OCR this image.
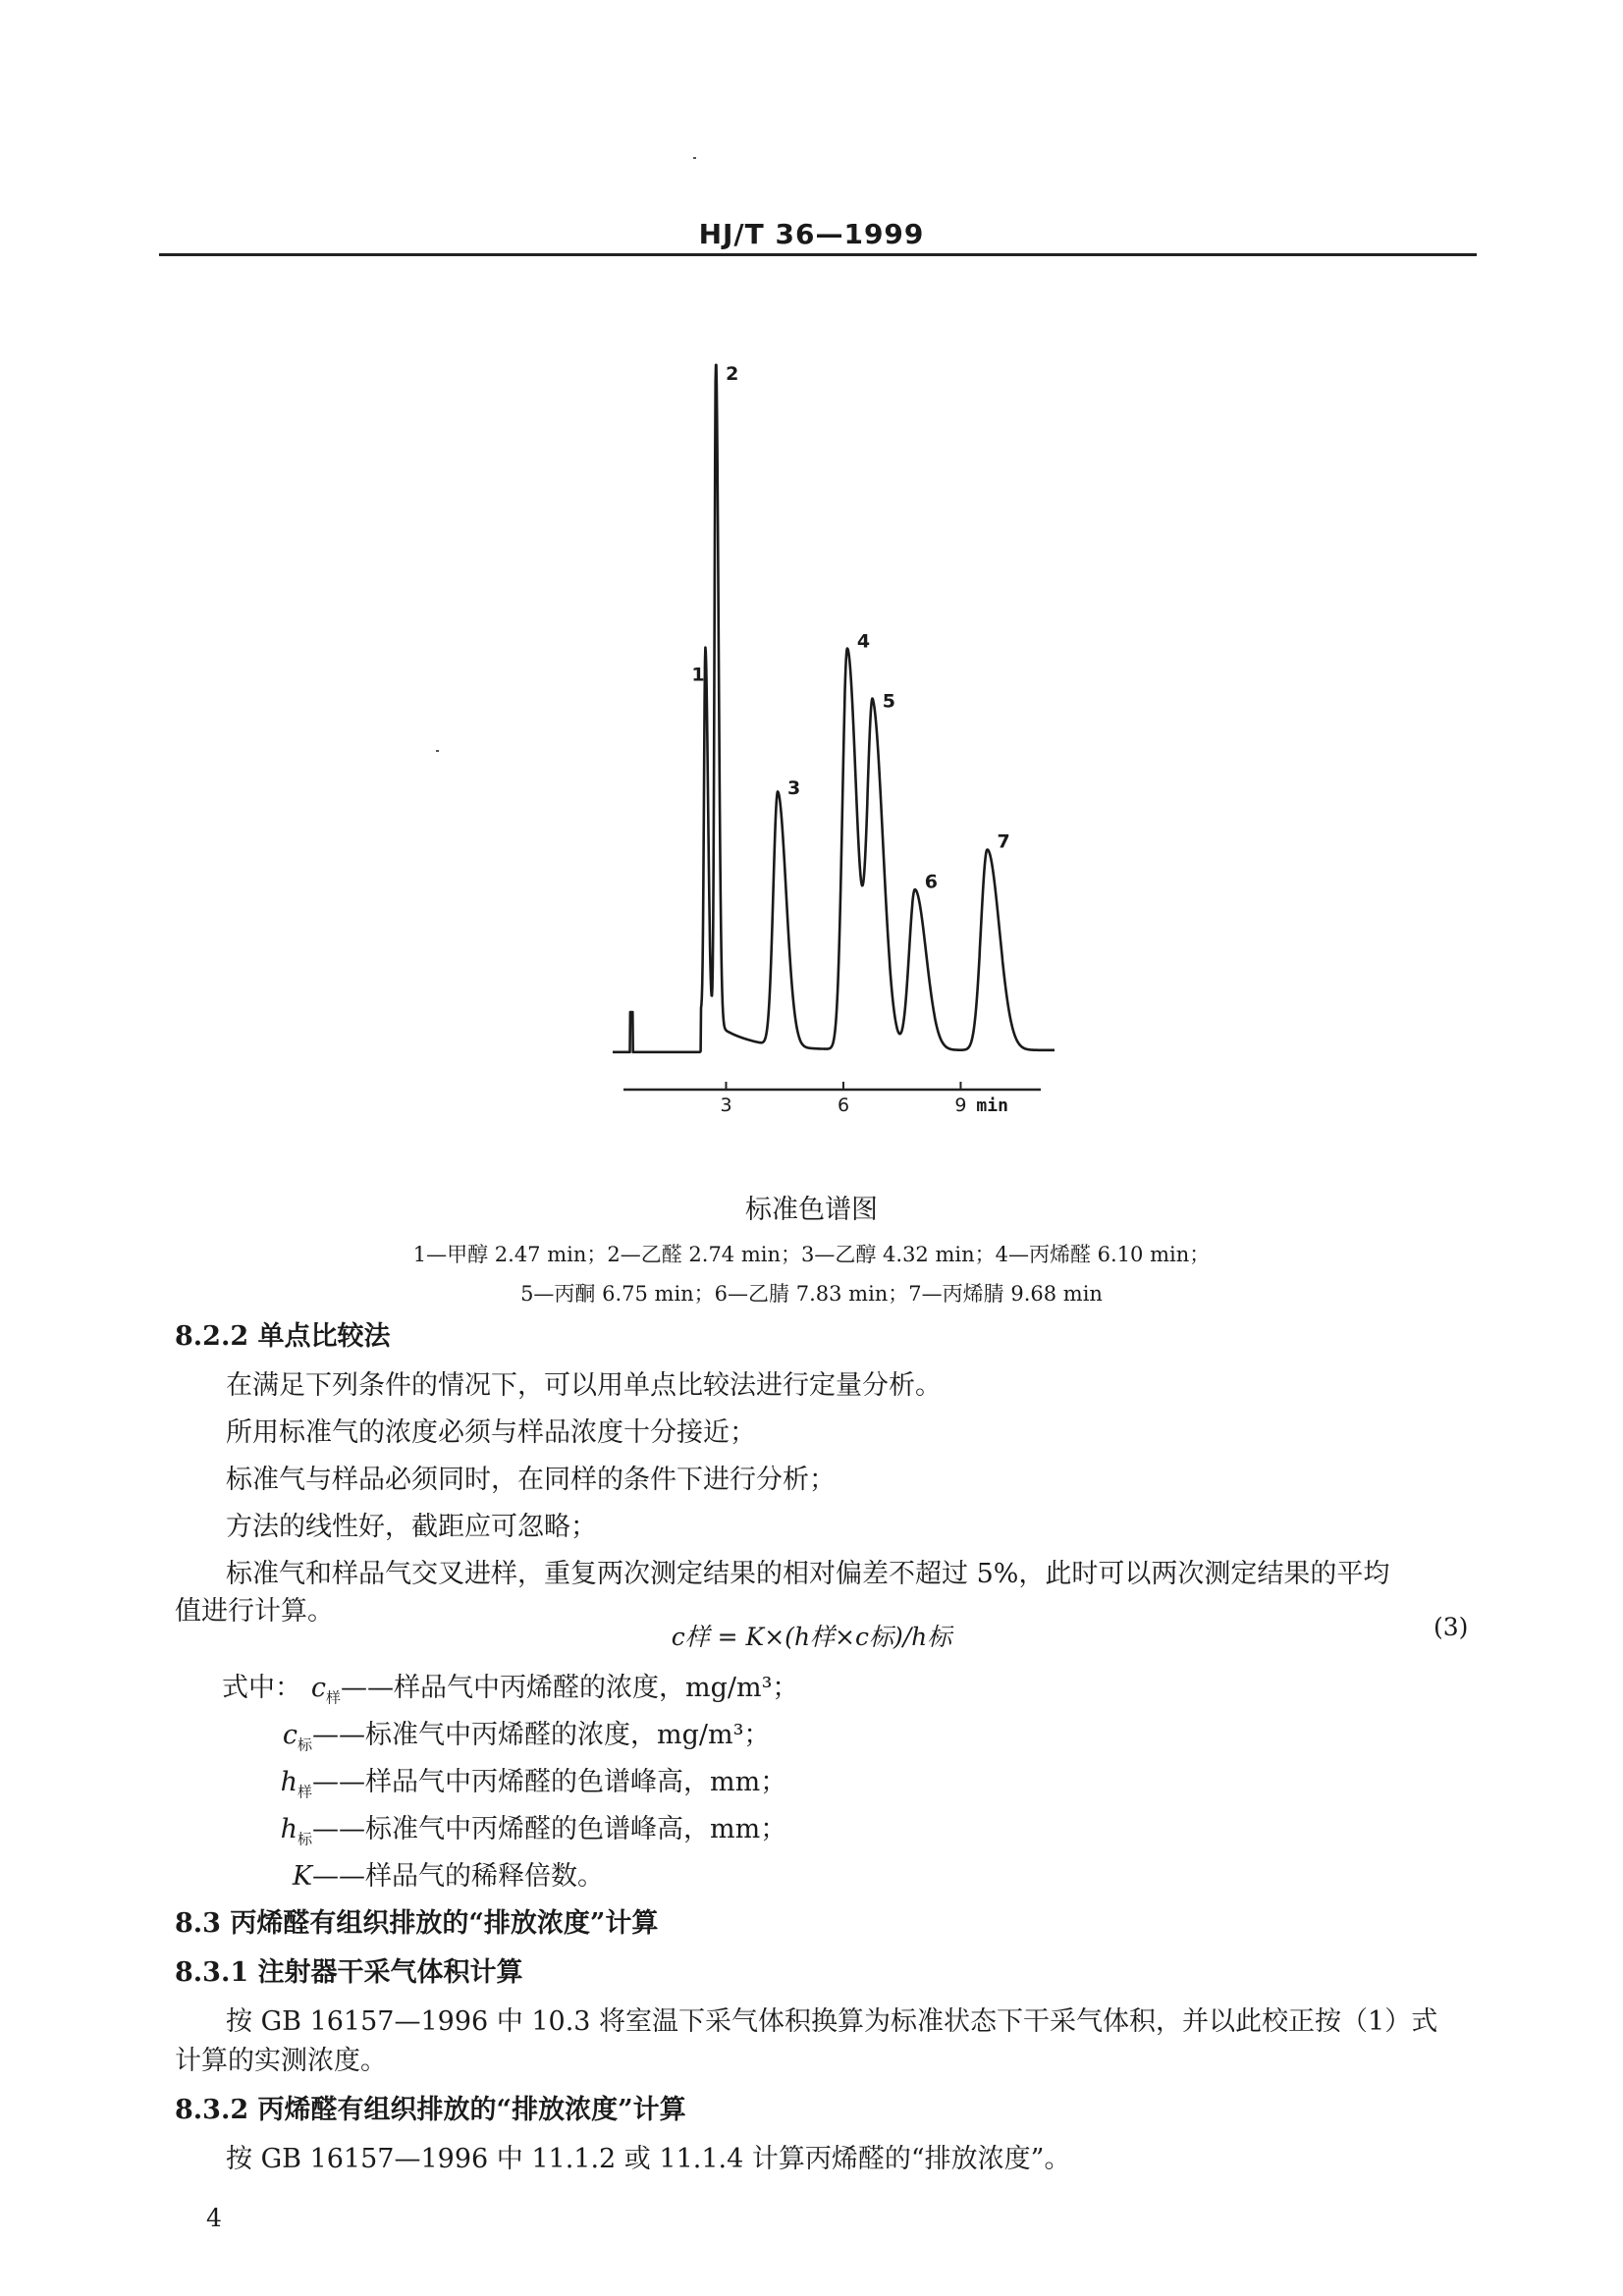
HJ/T 36—1999
1
2
3
4
5
6
7
3	6	9 min
标准色谱图
1—甲醇 2.47 min；2—乙醛 2.74 min；3—乙醇 4.32 min；4—丙烯醛 6.10 min；
5—丙酮 6.75 min；6—乙腈 7.83 min；7—丙烯腈 9.68 min
8.2.2 单点比较法
在满足下列条件的情况下，可以用单点比较法进行定量分析。
所用标准气的浓度必须与样品浓度十分接近；
标准气与样品必须同时，在同样的条件下进行分析；
方法的线性好，截距应可忽略；
标准气和样品气交叉进样，重复两次测定结果的相对偏差不超过 5%，此时可以两次测定结果的平均
值进行计算。
c样 = K×(h样×c标)/h标	(3)
式中： $c_样——$样品气中丙烯醛的浓度，mg/m³；
$c_标——$标准气中丙烯醛的浓度，mg/m³；
$h_样——$样品气中丙烯醛的色谱峰高，mm；
$h_标——$标准气中丙烯醛的色谱峰高，mm；
K——样品气的稀释倍数。
8.3 丙烯醛有组织排放的“排放浓度”计算
8.3.1 注射器干采气体积计算
按 GB 16157—1996 中 10.3 将室温下采气体积换算为标准状态下干采气体积，并以此校正按（1）式
计算的实测浓度。
8.3.2 丙烯醛有组织排放的“排放浓度”计算
按 GB 16157—1996 中 11.1.2 或 11.1.4 计算丙烯醛的“排放浓度”。
4
